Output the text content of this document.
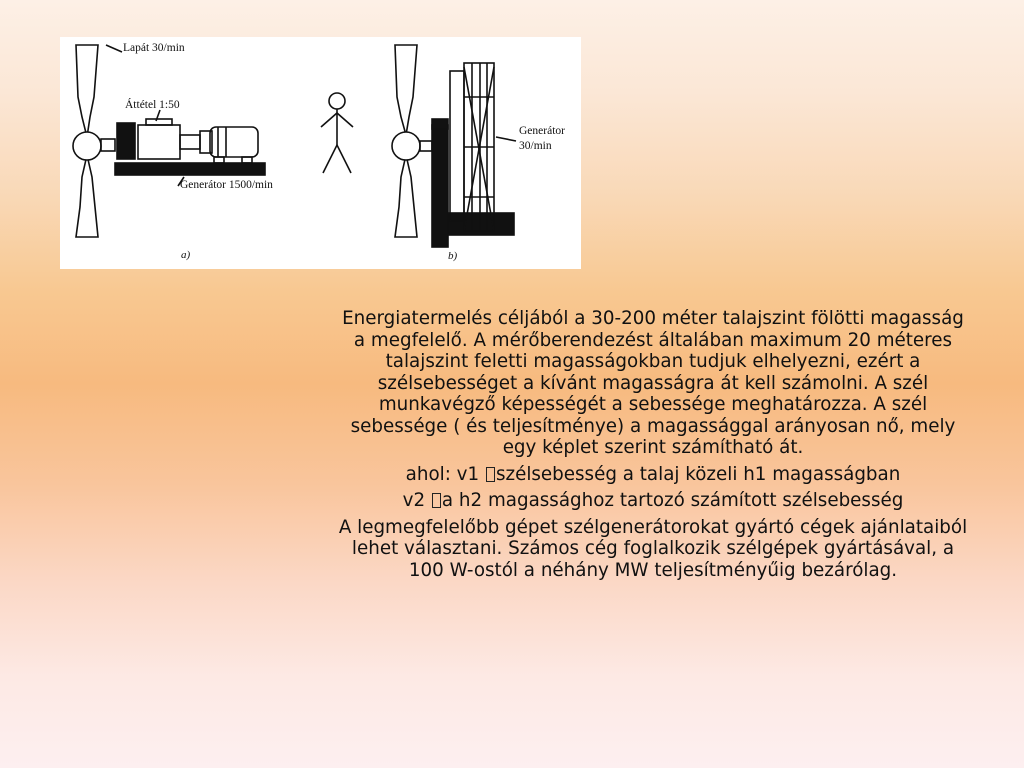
Lapát 30/min
Áttétel 1:50
Generátor 1500/min
Generátor
30/min
a)	b)

Energiatermelés céljából a 30-200 méter talajszint fölötti magasság a megfelelő. A mérőberendezést általában maximum 20 méteres talajszint feletti magasságokban tudjuk elhelyezni, ezért a szélsebességet a kívánt magasságra át kell számolni. A szél munkavégző képességét a sebessége meghatározza. A szél sebessége ( és teljesítménye) a magassággal arányosan nő, mely egy képlet szerint számítható át.

ahol: v1 szélsebesség a talaj közeli h1 magasságban

v2 a h2 magassághoz tartozó számított szélsebesség

A legmegfelelőbb gépet szélgenerátorokat gyártó cégek ajánlataiból lehet választani. Számos cég foglalkozik szélgépek gyártásával, a 100 W-ostól a néhány MW teljesítményűig bezárólag.
